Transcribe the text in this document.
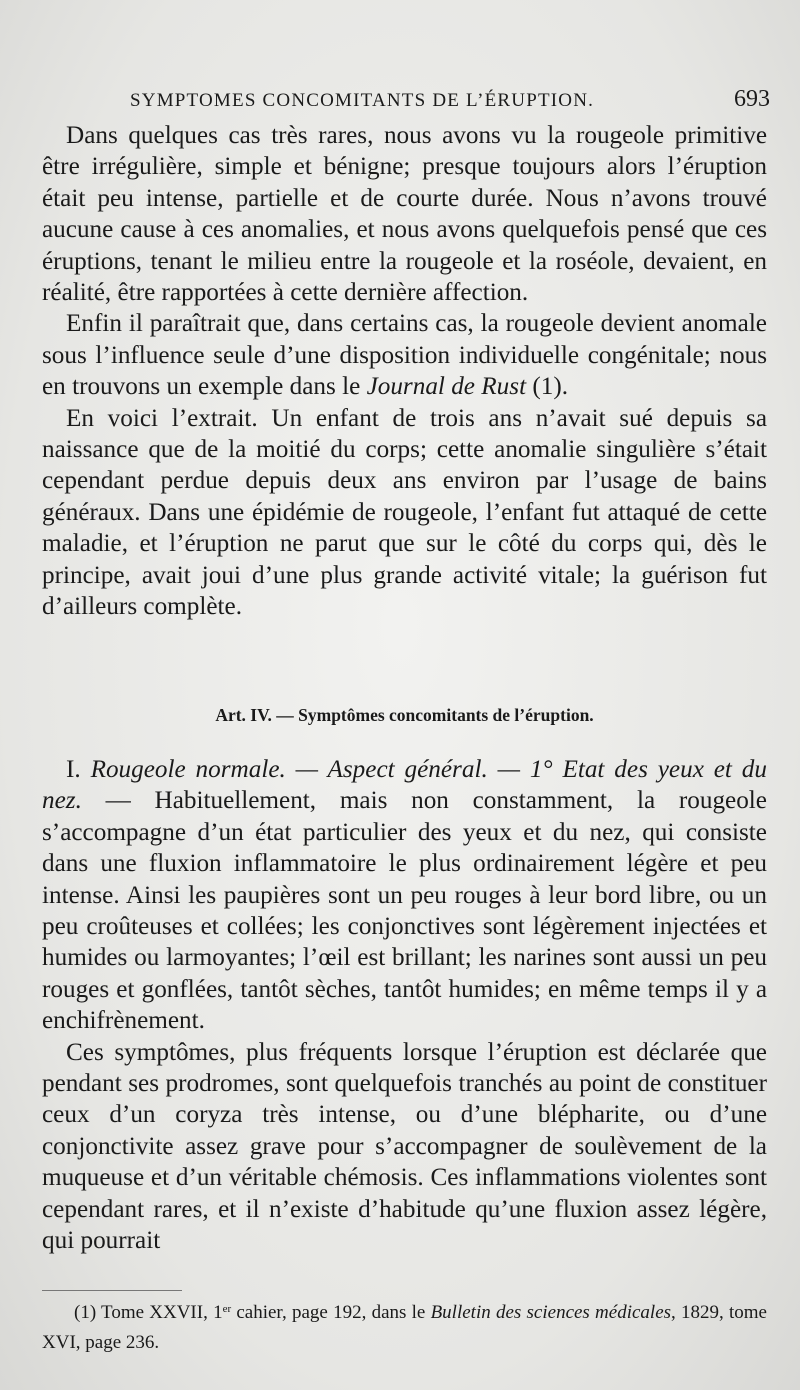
SYMPTOMES CONCOMITANTS DE L’ÉRUPTION.	693

Dans quelques cas très rares, nous avons vu la rougeole primitive être irrégulière, simple et bénigne; presque toujours alors l’éruption était peu intense, partielle et de courte durée. Nous n’avons trouvé aucune cause à ces anomalies, et nous avons quelquefois pensé que ces éruptions, tenant le milieu entre la rougeole et la roséole, devaient, en réalité, être rapportées à cette dernière affection.

Enfin il paraîtrait que, dans certains cas, la rougeole devient anomale sous l’influence seule d’une disposition individuelle congénitale; nous en trouvons un exemple dans le Journal de Rust (1).

En voici l’extrait. Un enfant de trois ans n’avait sué depuis sa naissance que de la moitié du corps; cette anomalie singulière s’était cependant perdue depuis deux ans environ par l’usage de bains généraux. Dans une épidémie de rougeole, l’enfant fut attaqué de cette maladie, et l’éruption ne parut que sur le côté du corps qui, dès le principe, avait joui d’une plus grande activité vitale; la guérison fut d’ailleurs complète.

Art. IV. — Symptômes concomitants de l’éruption.

I. Rougeole normale. — Aspect général. — 1° Etat des yeux et du nez. — Habituellement, mais non constamment, la rougeole s’accompagne d’un état particulier des yeux et du nez, qui consiste dans une fluxion inflammatoire le plus ordinairement légère et peu intense. Ainsi les paupières sont un peu rouges à leur bord libre, ou un peu croûteuses et collées; les conjonctives sont légèrement injectées et humides ou larmoyantes; l’œil est brillant; les narines sont aussi un peu rouges et gonflées, tantôt sèches, tantôt humides; en même temps il y a enchifrènement.

Ces symptômes, plus fréquents lorsque l’éruption est déclarée que pendant ses prodromes, sont quelquefois tranchés au point de constituer ceux d’un coryza très intense, ou d’une blépharite, ou d’une conjonctivite assez grave pour s’accompagner de soulèvement de la muqueuse et d’un véritable chémosis. Ces inflammations violentes sont cependant rares, et il n’existe d’habitude qu’une fluxion assez légère, qui pourrait

(1) Tome XXVII, 1er cahier, page 192, dans le Bulletin des sciences médicales, 1829, tome XVI, page 236.
